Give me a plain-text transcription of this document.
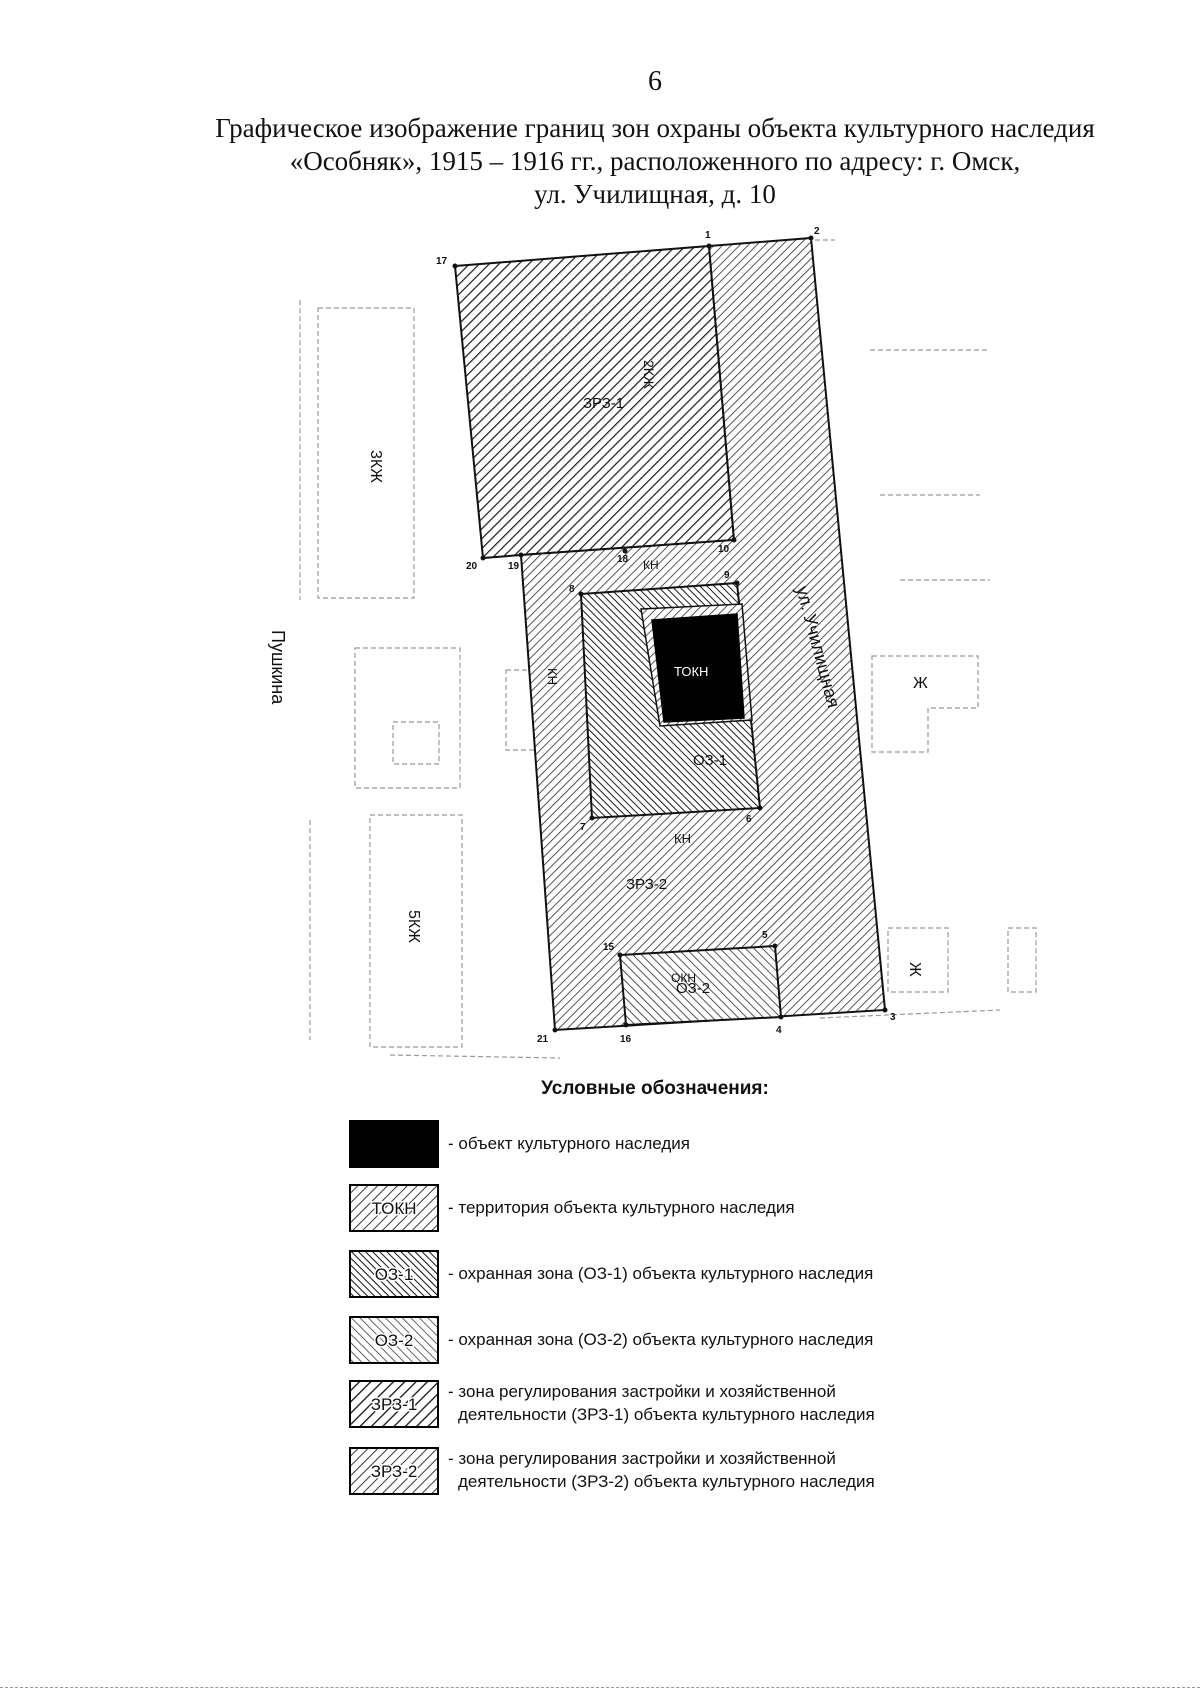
6
Графическое изображение границ зон охраны объекта культурного наследия
«Особняк», 1915 – 1916 гг., расположенного по адресу: г. Омск,
ул. Училищная, д. 10
ЗРЗ-1
ЗРЗ-2
ОЗ-1
ОЗ-2
ТОКН
ОКН
3КЖ
5КЖ
Ж
Ж
КН
КН
КН
2КЖ
Пушкина	ул. Училищная
1	2
3
4
5
6
7
8
9
10
15
16
17
18
19
20
21
Условные обозначения:
- объект культурного наследия
ТОКН - территория объекта культурного наследия
ОЗ-1 - охранная зона (ОЗ-1) объекта культурного наследия
ОЗ-2 - охранная зона (ОЗ-2) объекта культурного наследия
ЗРЗ-1
- зона регулирования застройки и хозяйственной
деятельности (ЗРЗ-1) объекта культурного наследия
ЗРЗ-2
- зона регулирования застройки и хозяйственной
деятельности (ЗРЗ-2) объекта культурного наследия
